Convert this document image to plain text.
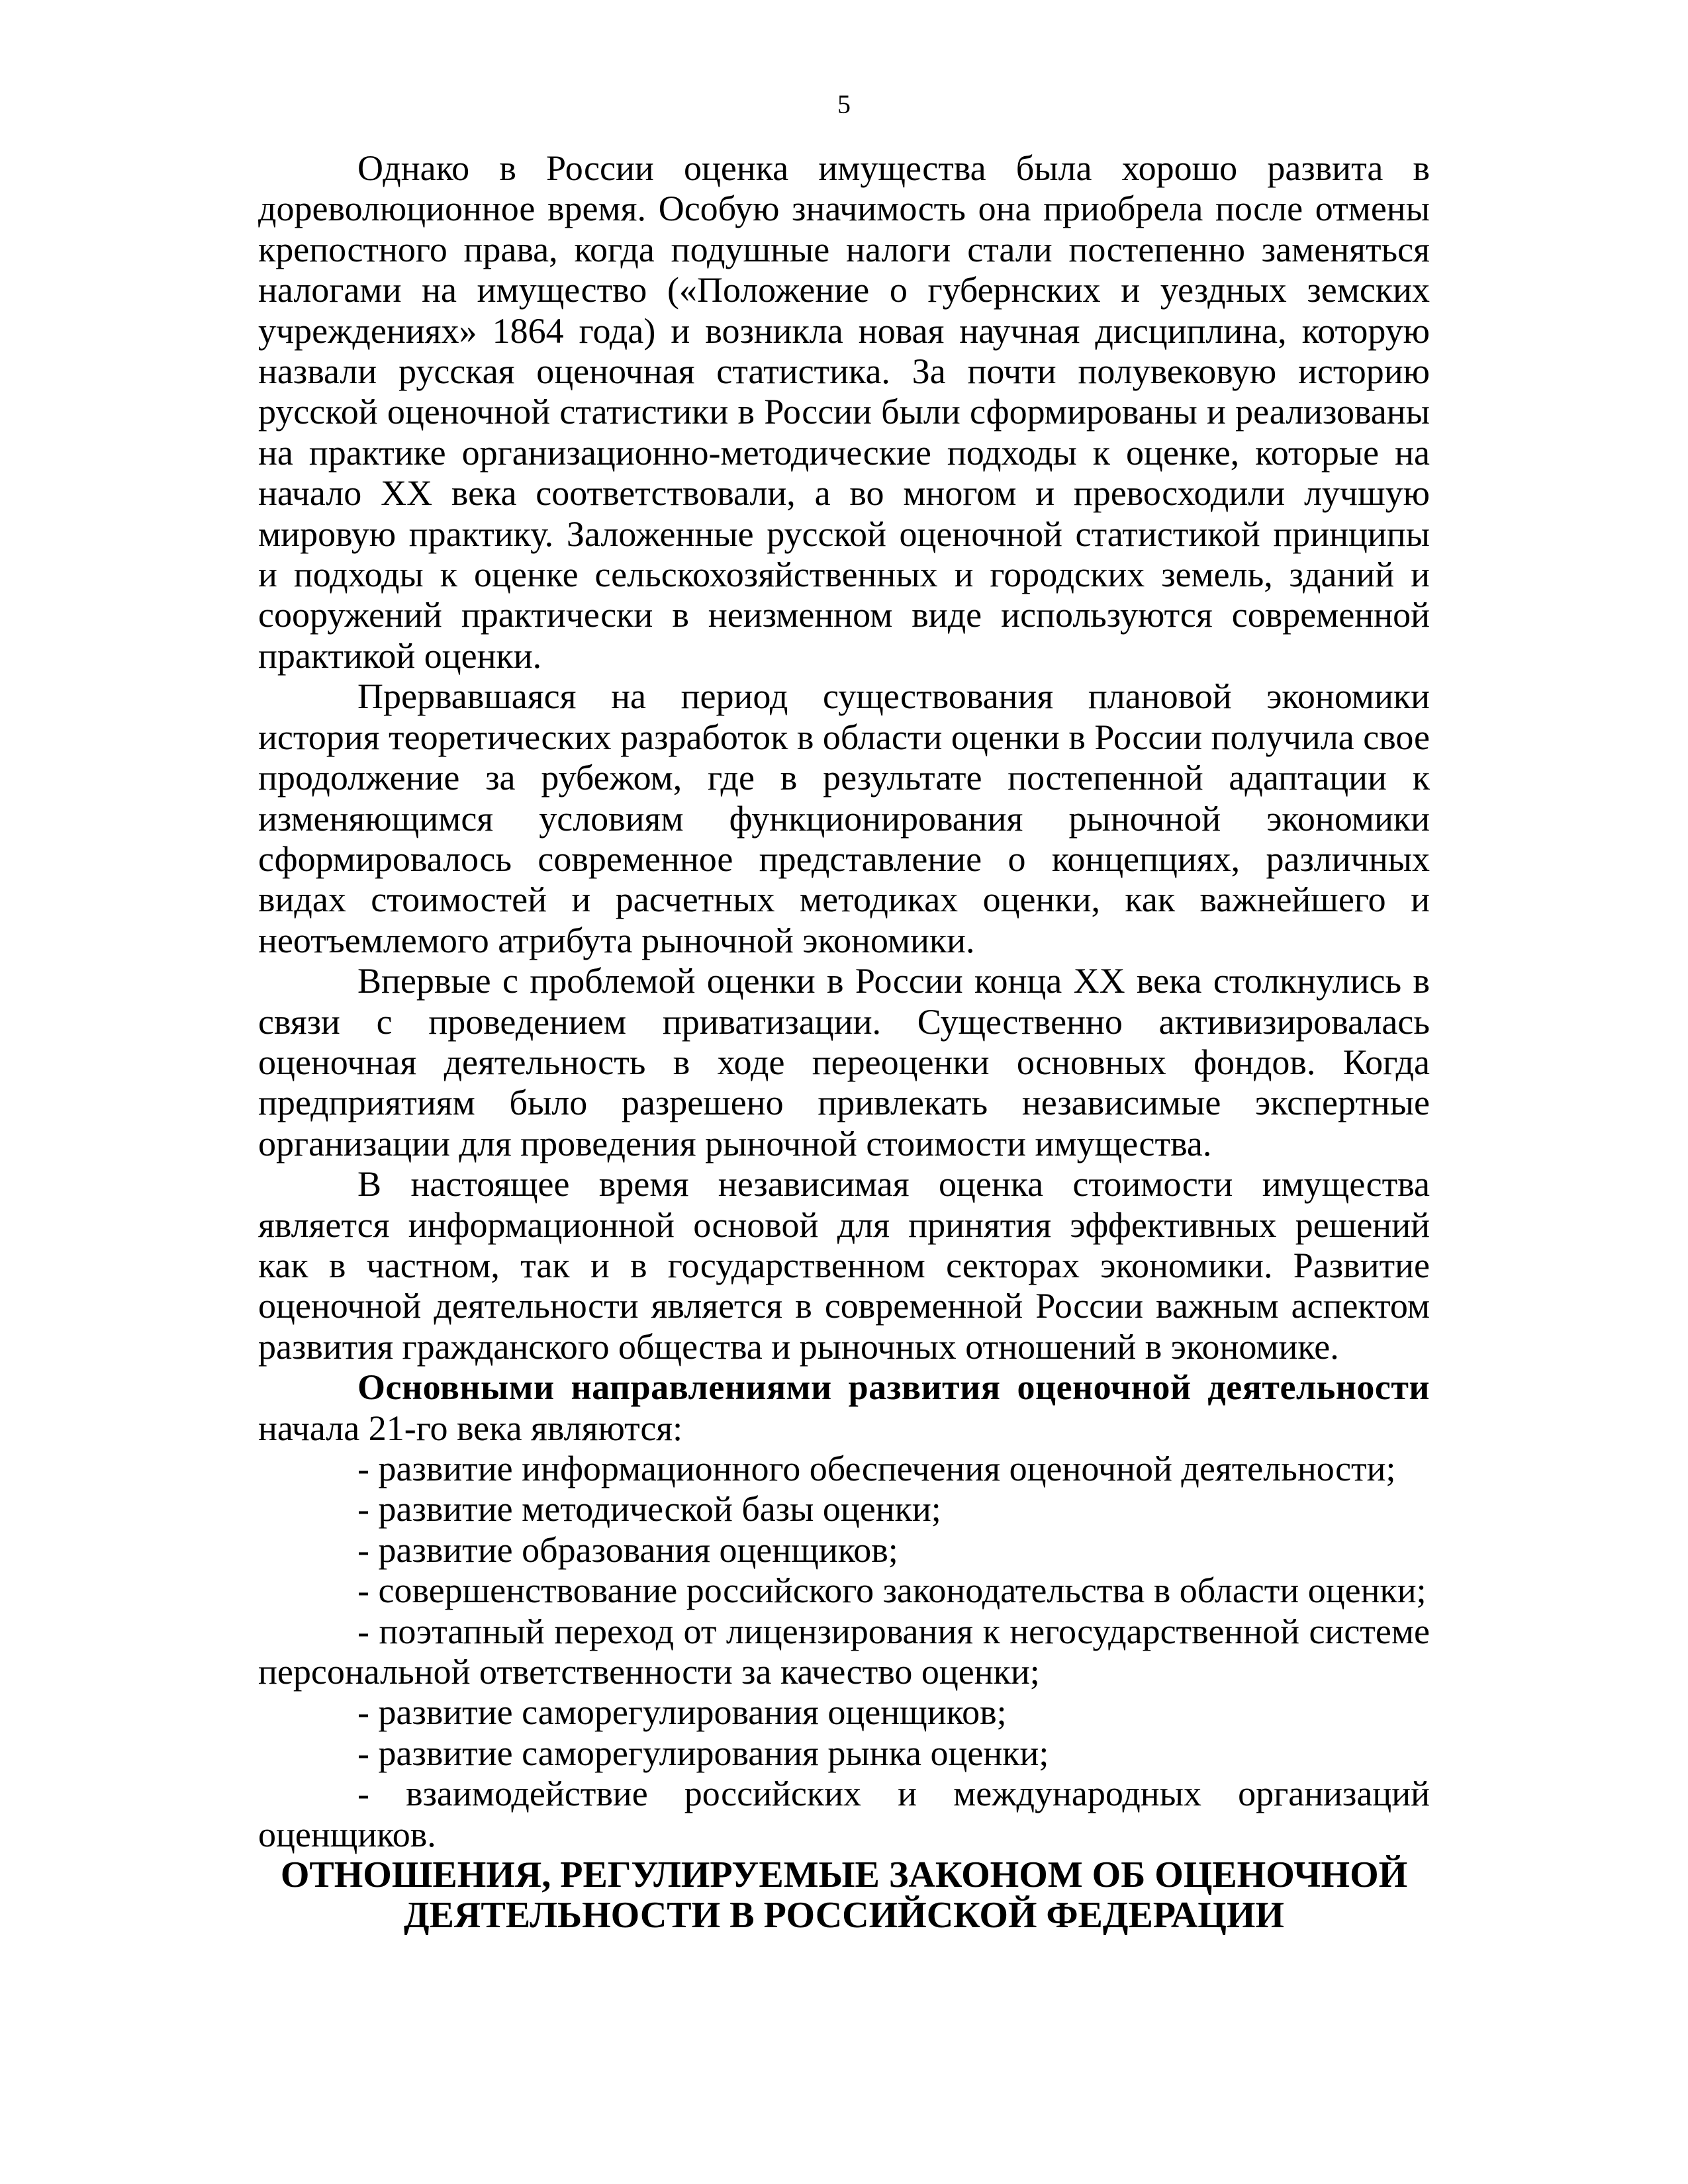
5

Однако в России оценка имущества была хорошо развита в дореволюционное время. Особую значимость она приобрела после отмены крепостного права, когда подушные налоги стали постепенно заменяться налогами на имущество («Положение о губернских и уездных земских учреждениях» 1864 года) и возникла новая научная дисциплина, которую назвали русская оценочная статистика. За почти полувековую историю русской оценочной статистики в России были сформированы и реализованы на практике организационно-методические подходы к оценке, которые на начало XX века соответствовали, а во многом и превосходили лучшую мировую практику. Заложенные русской оценочной статистикой принципы и подходы к оценке сельскохозяйственных и городских земель, зданий и сооружений практически в неизменном виде используются современной практикой оценки.

Прервавшаяся на период существования плановой экономики история теоретических разработок в области оценки в России получила свое продолжение за рубежом, где в результате постепенной адаптации к изменяющимся условиям функционирования рыночной экономики сформировалось современное представление о концепциях, различных видах стоимостей и расчетных методиках оценки, как важнейшего и неотъемлемого атрибута рыночной экономики.

Впервые с проблемой оценки в России конца XX века столкнулись в связи с проведением приватизации. Существенно активизировалась оценочная деятельность в ходе переоценки основных фондов. Когда предприятиям было разрешено привлекать независимые экспертные организации для проведения рыночной стоимости имущества.

В настоящее время независимая оценка стоимости имущества является информационной основой для принятия эффективных решений как в частном, так и в государственном секторах экономики. Развитие оценочной деятельности является в современной России важным аспектом развития гражданского общества и рыночных отношений в экономике.

Основными направлениями развития оценочной деятельности начала 21-го века являются:

- развитие информационного обеспечения оценочной деятельности;

- развитие методической базы оценки;

- развитие образования оценщиков;

- совершенствование российского законодательства в области оценки;

- поэтапный переход от лицензирования к негосударственной системе персональной ответственности за качество оценки;

- развитие саморегулирования оценщиков;

- развитие саморегулирования рынка оценки;

- взаимодействие российских и международных организаций оценщиков.

ОТНОШЕНИЯ, РЕГУЛИРУЕМЫЕ ЗАКОНОМ ОБ ОЦЕНОЧНОЙ
ДЕЯТЕЛЬНОСТИ В РОССИЙСКОЙ ФЕДЕРАЦИИ
